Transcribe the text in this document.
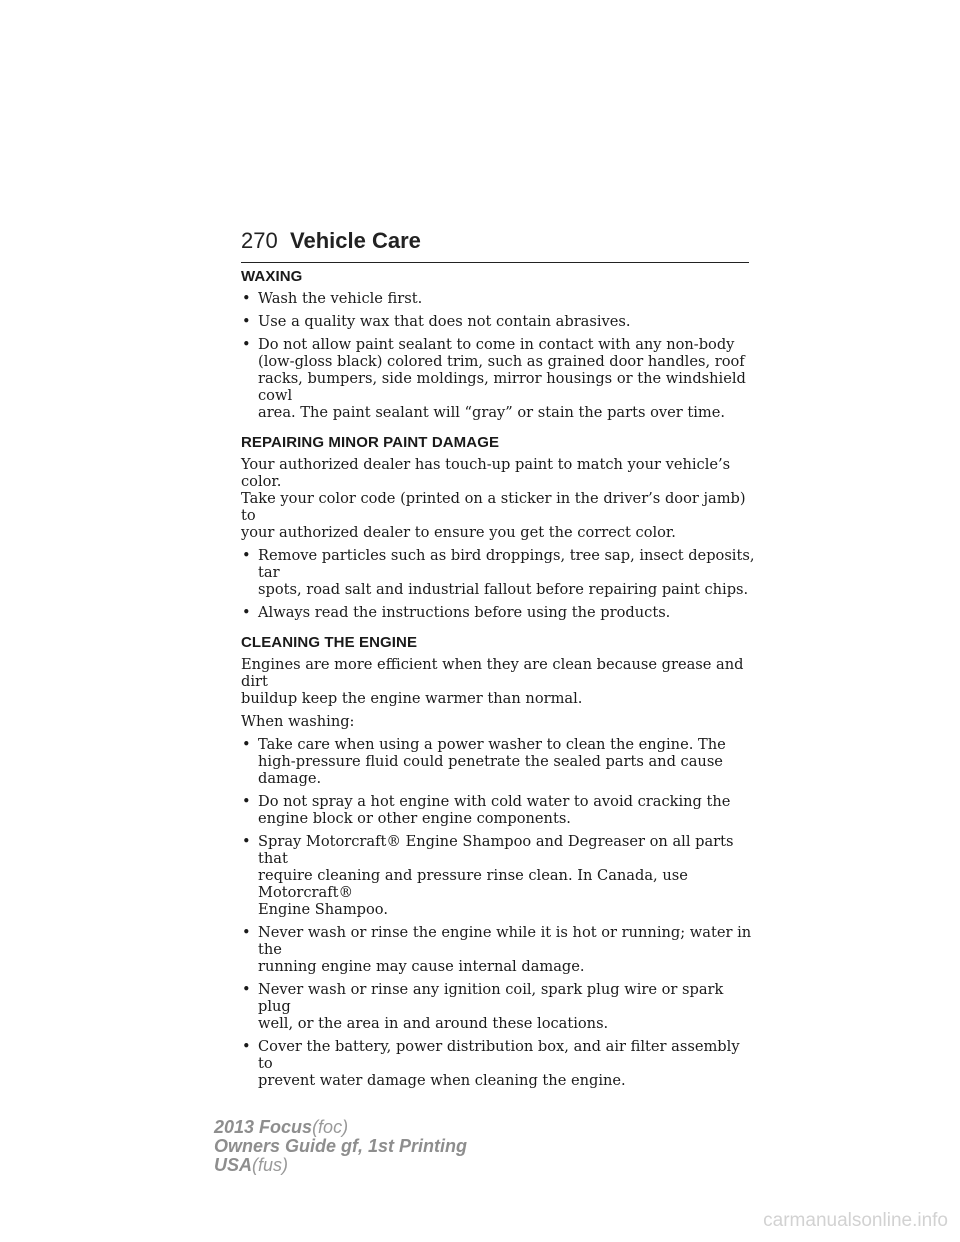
270 Vehicle Care
WAXING
• Wash the vehicle first.
• Use a quality wax that does not contain abrasives.
• Do not allow paint sealant to come in contact with any non-body
(low-gloss black) colored trim, such as grained door handles, roof
racks, bumpers, side moldings, mirror housings or the windshield cowl
area. The paint sealant will “gray” or stain the parts over time.
REPAIRING MINOR PAINT DAMAGE
Your authorized dealer has touch-up paint to match your vehicle’s color.
Take your color code (printed on a sticker in the driver’s door jamb) to
your authorized dealer to ensure you get the correct color.
• Remove particles such as bird droppings, tree sap, insect deposits, tar
spots, road salt and industrial fallout before repairing paint chips.
• Always read the instructions before using the products.
CLEANING THE ENGINE
Engines are more efficient when they are clean because grease and dirt
buildup keep the engine warmer than normal.
When washing:
• Take care when using a power washer to clean the engine. The
high-pressure fluid could penetrate the sealed parts and cause
damage.
• Do not spray a hot engine with cold water to avoid cracking the
engine block or other engine components.
• Spray Motorcraft® Engine Shampoo and Degreaser on all parts that
require cleaning and pressure rinse clean. In Canada, use Motorcraft®
Engine Shampoo.
• Never wash or rinse the engine while it is hot or running; water in the
running engine may cause internal damage.
• Never wash or rinse any ignition coil, spark plug wire or spark plug
well, or the area in and around these locations.
• Cover the battery, power distribution box, and air filter assembly to
prevent water damage when cleaning the engine.
2013 Focus(foc)
Owners Guide gf, 1st Printing
USA(fus)
carmanualsonline.info
